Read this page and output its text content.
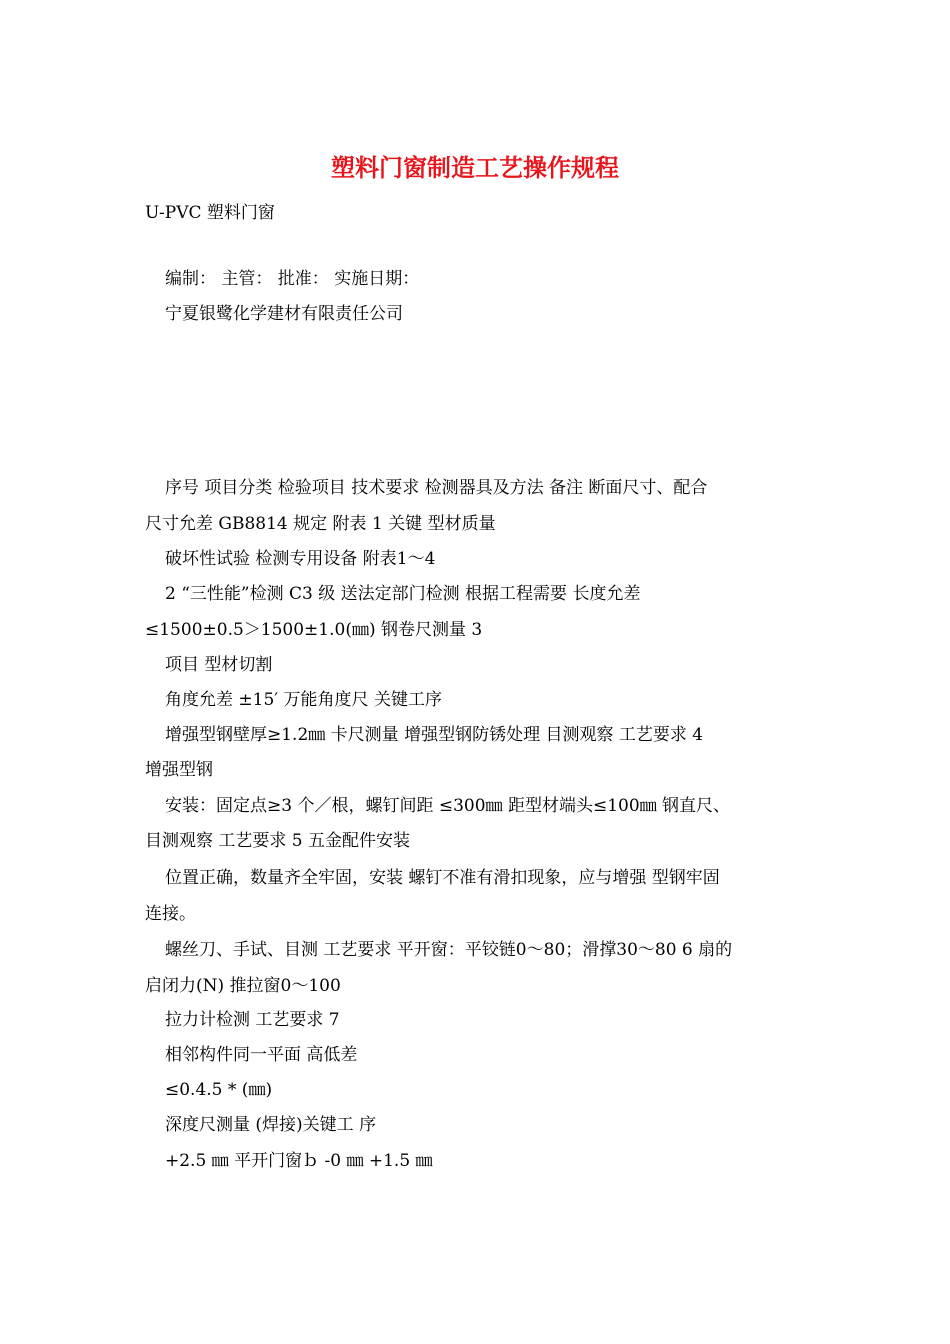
塑料门窗制造工艺操作规程

U-PVC 塑料门窗

编制： 主管： 批准： 实施日期：

宁夏银鹭化学建材有限责任公司

序号 项目分类 检验项目 技术要求 检测器具及方法 备注 断面尺寸、配合

尺寸允差 GB8814 规定 附表 1 关键 型材质量

破坏性试验 检测专用设备 附表1～4

2 “三性能”检测 C3 级 送法定部门检测 根据工程需要 长度允差

≤1500±0.5＞1500±1.0(㎜) 钢卷尺测量 3

项目 型材切割

角度允差 ±15′ 万能角度尺 关键工序

增强型钢壁厚≥1.2㎜ 卡尺测量 增强型钢防锈处理 目测观察 工艺要求 4

增强型钢

安装：固定点≥3 个／根，螺钉间距 ≤300㎜ 距型材端头≤100㎜ 钢直尺、

目测观察 工艺要求 5 五金配件安装

位置正确，数量齐全牢固，安装 螺钉不准有滑扣现象，应与增强 型钢牢固

连接。

螺丝刀、手试、目测 工艺要求 平开窗：平铰链0～80；滑撑30～80 6 扇的

启闭力(N) 推拉窗0～100

拉力计检测 工艺要求 7

相邻构件同一平面 高低差

≤0.4.5 * (㎜)

深度尺测量 (焊接)关键工 序

+2.5 ㎜ 平开门窗ｂ -0 ㎜ +1.5 ㎜
